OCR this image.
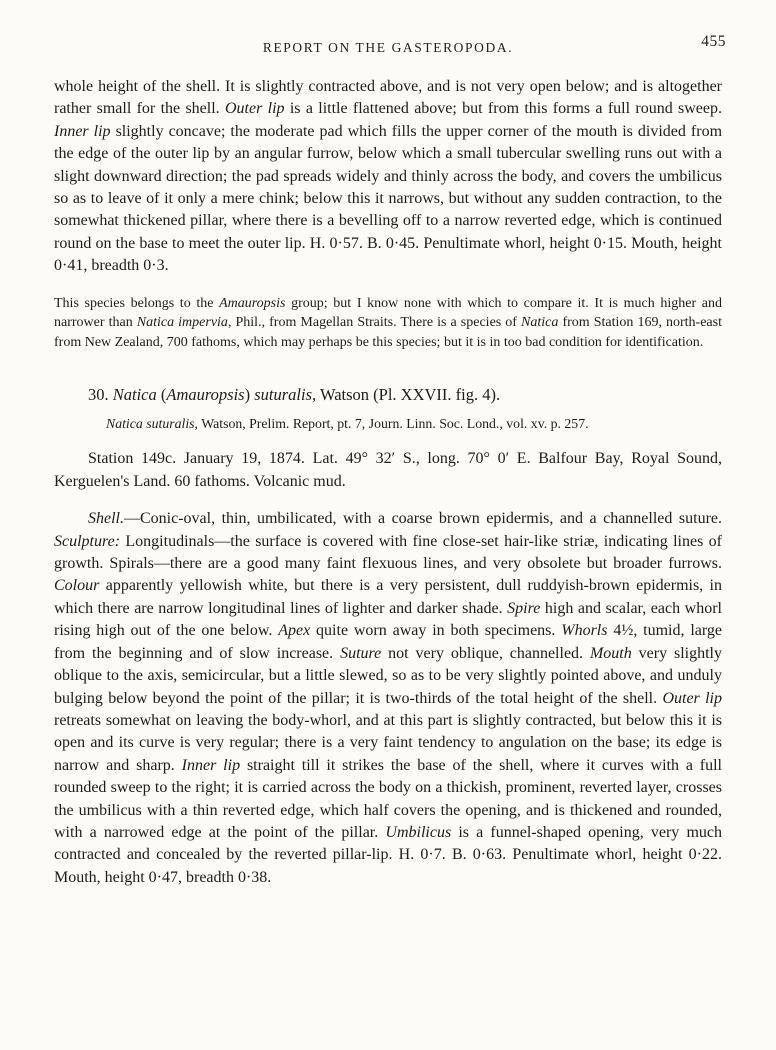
REPORT ON THE GASTEROPODA.	455

whole height of the shell. It is slightly contracted above, and is not very open below; and is altogether rather small for the shell. Outer lip is a little flattened above; but from this forms a full round sweep. Inner lip slightly concave; the moderate pad which fills the upper corner of the mouth is divided from the edge of the outer lip by an angular furrow, below which a small tubercular swelling runs out with a slight downward direction; the pad spreads widely and thinly across the body, and covers the umbilicus so as to leave of it only a mere chink; below this it narrows, but without any sudden contraction, to the somewhat thickened pillar, where there is a bevelling off to a narrow reverted edge, which is continued round on the base to meet the outer lip. H. 0·57. B. 0·45. Penultimate whorl, height 0·15. Mouth, height 0·41, breadth 0·3.

This species belongs to the Amauropsis group; but I know none with which to compare it. It is much higher and narrower than Natica impervia, Phil., from Magellan Straits. There is a species of Natica from Station 169, north-east from New Zealand, 700 fathoms, which may perhaps be this species; but it is in too bad condition for identification.

30. Natica (Amauropsis) suturalis, Watson (Pl. XXVII. fig. 4).

Natica suturalis, Watson, Prelim. Report, pt. 7, Journ. Linn. Soc. Lond., vol. xv. p. 257.

Station 149c. January 19, 1874. Lat. 49° 32′ S., long. 70° 0′ E. Balfour Bay, Royal Sound, Kerguelen's Land. 60 fathoms. Volcanic mud.

Shell.—Conic-oval, thin, umbilicated, with a coarse brown epidermis, and a channelled suture. Sculpture: Longitudinals—the surface is covered with fine close-set hair-like striæ, indicating lines of growth. Spirals—there are a good many faint flexuous lines, and very obsolete but broader furrows. Colour apparently yellowish white, but there is a very persistent, dull ruddyish-brown epidermis, in which there are narrow longitudinal lines of lighter and darker shade. Spire high and scalar, each whorl rising high out of the one below. Apex quite worn away in both specimens. Whorls 4½, tumid, large from the beginning and of slow increase. Suture not very oblique, channelled. Mouth very slightly oblique to the axis, semicircular, but a little slewed, so as to be very slightly pointed above, and unduly bulging below beyond the point of the pillar; it is two-thirds of the total height of the shell. Outer lip retreats somewhat on leaving the body-whorl, and at this part is slightly contracted, but below this it is open and its curve is very regular; there is a very faint tendency to angulation on the base; its edge is narrow and sharp. Inner lip straight till it strikes the base of the shell, where it curves with a full rounded sweep to the right; it is carried across the body on a thickish, prominent, reverted layer, crosses the umbilicus with a thin reverted edge, which half covers the opening, and is thickened and rounded, with a narrowed edge at the point of the pillar. Umbilicus is a funnel-shaped opening, very much contracted and concealed by the reverted pillar-lip. H. 0·7. B. 0·63. Penultimate whorl, height 0·22. Mouth, height 0·47, breadth 0·38.
